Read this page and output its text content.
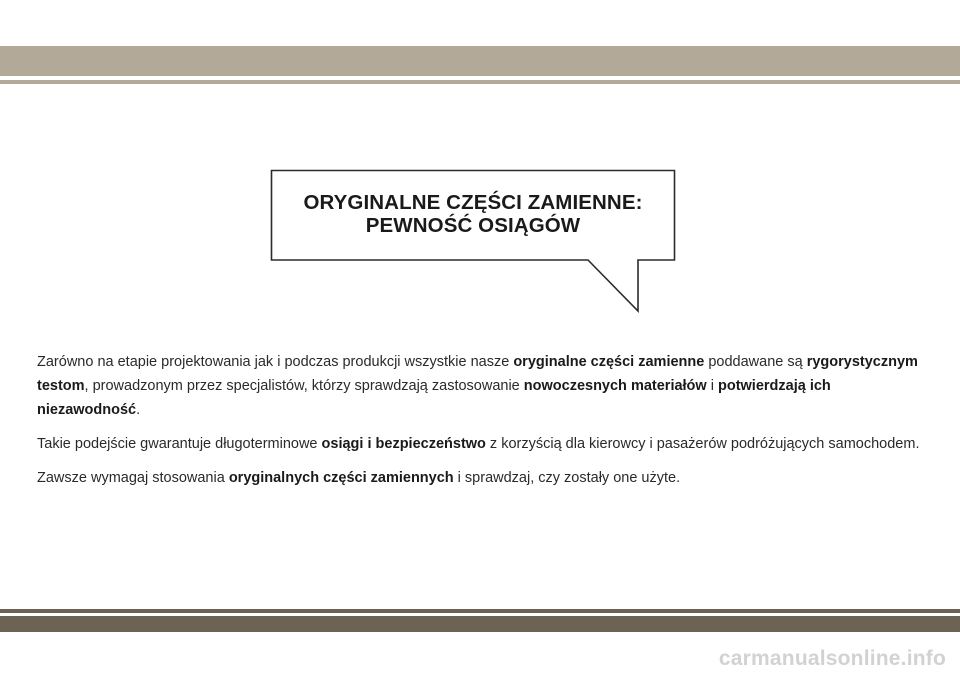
ORYGINALNE CZĘŚCI ZAMIENNE:
PEWNOŚĆ OSIĄGÓW

Zarówno na etapie projektowania jak i podczas produkcji wszystkie nasze oryginalne części zamienne poddawane są rygorystycznym testom, prowadzonym przez specjalistów, którzy sprawdzają zastosowanie nowoczesnych materiałów i potwierdzają ich niezawodność.

Takie podejście gwarantuje długoterminowe osiągi i bezpieczeństwo z korzyścią dla kierowcy i pasażerów podróżujących samochodem.

Zawsze wymagaj stosowania oryginalnych części zamiennych i sprawdzaj, czy zostały one użyte.

carmanualsonline.info
